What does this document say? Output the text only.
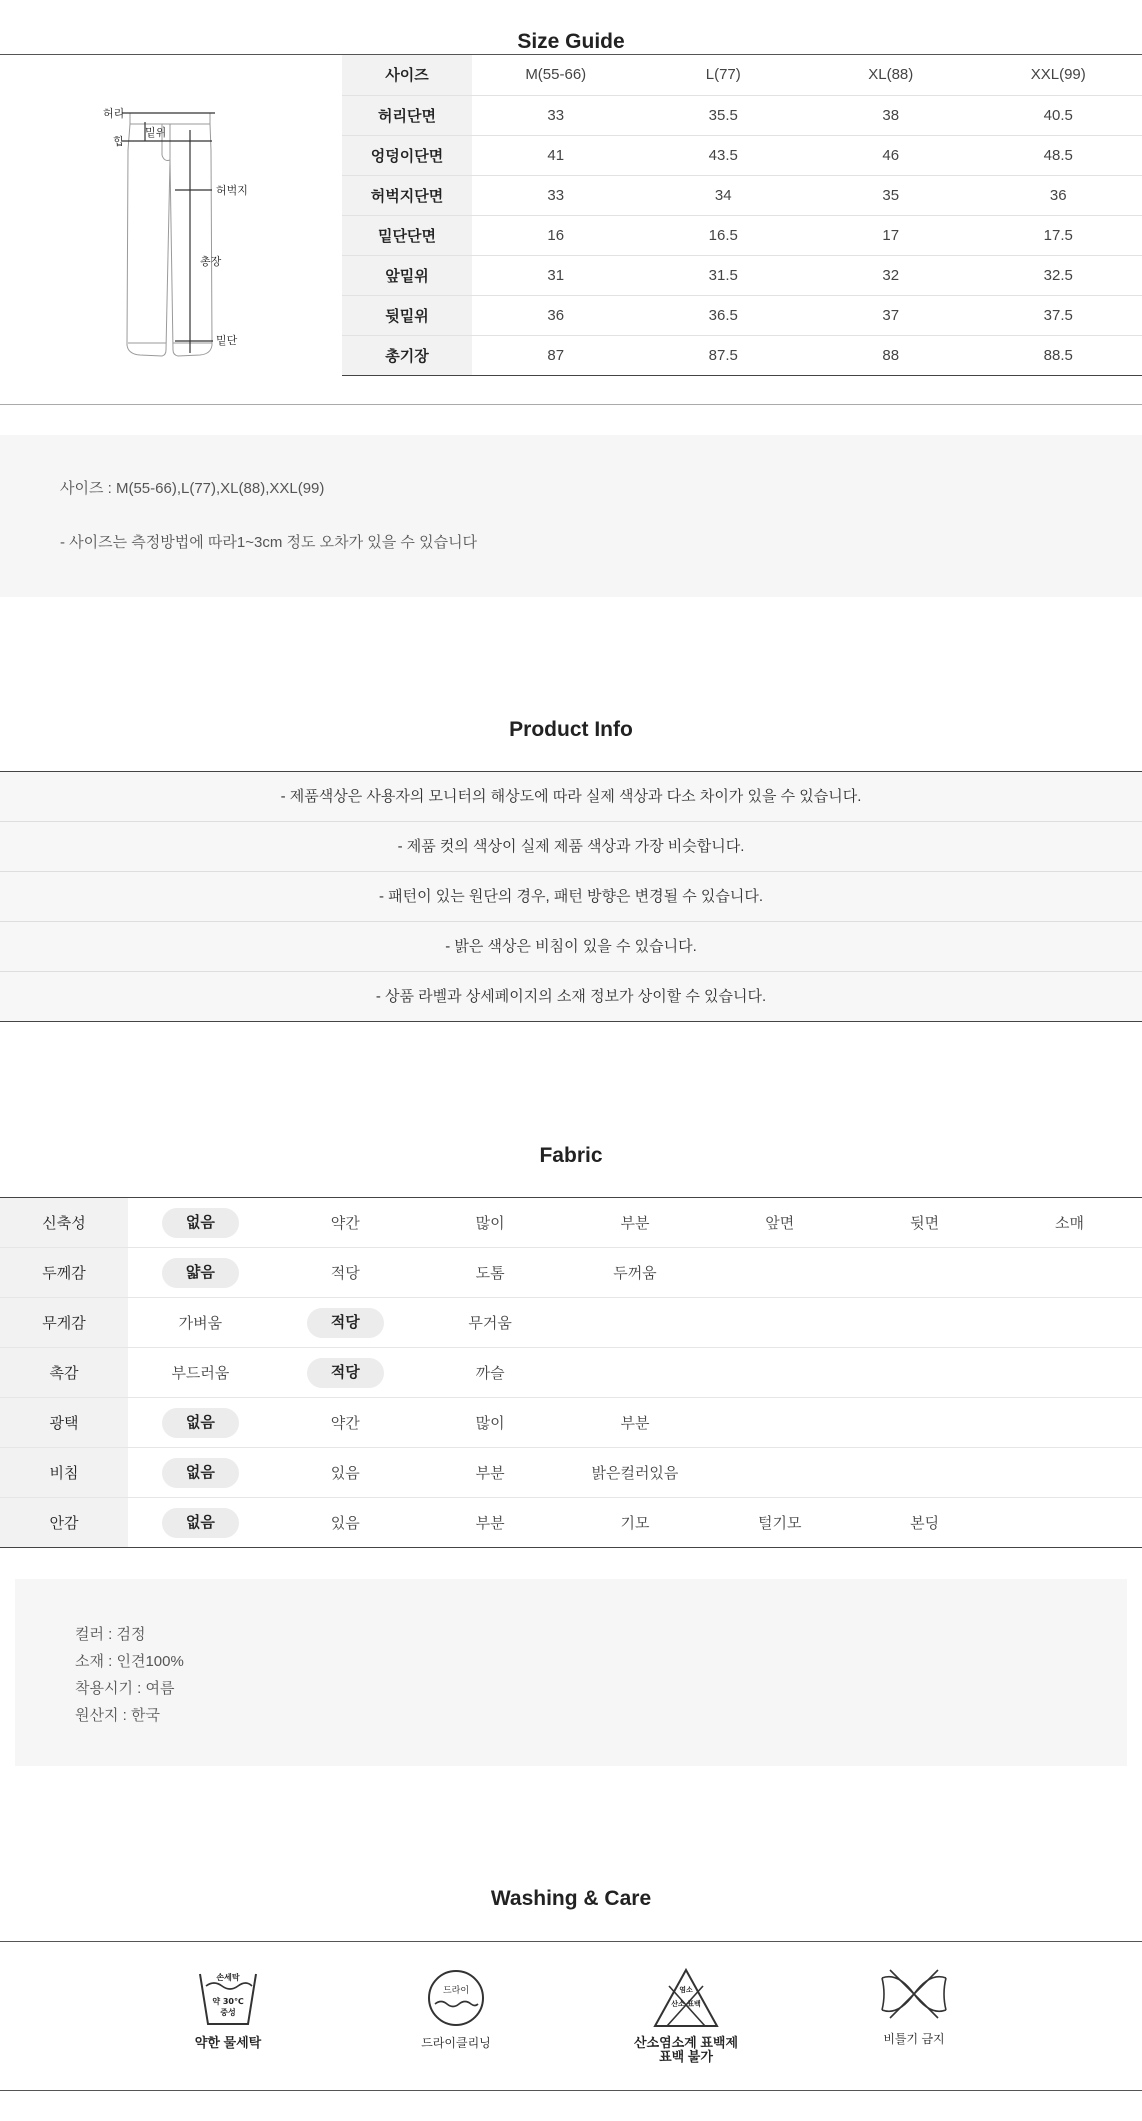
Size Guide
허리
힙
밑위
허벅지
총장
밑단
사이즈	M(55-66)	L(77)	XL(88)	XXL(99)
허리단면	33	35.5	38	40.5
엉덩이단면	41	43.5	46	48.5
허벅지단면	33	34	35	36
밑단단면	16	16.5	17	17.5
앞밑위	31	31.5	32	32.5
뒷밑위	36	36.5	37	37.5
총기장	87	87.5	88	88.5

사이즈 : M(55-66),L(77),XL(88),XXL(99)

- 사이즈는 측정방법에 따라1~3cm 정도 오차가 있을 수 있습니다

Product Info
- 제품색상은 사용자의 모니터의 해상도에 따라 실제 색상과 다소 차이가 있을 수 있습니다.
- 제품 컷의 색상이 실제 제품 색상과 가장 비슷합니다.
- 패턴이 있는 원단의 경우, 패턴 방향은 변경될 수 있습니다.
- 밝은 색상은 비침이 있을 수 있습니다.
- 상품 라벨과 상세페이지의 소재 정보가 상이할 수 있습니다.
Fabric
신축성	없음	약간	많이	부분	앞면	뒷면	소매
두께감	얇음	적당	도톰	두꺼움			
무게감	가벼움	적당	무거움				
촉감	부드러움	적당	까슬				
광택	없음	약간	많이	부분			
비침	없음	있음	부분	밝은컬러있음			
안감	없음	있음	부분	기모	털기모	본딩	

컬러 : 검정

소재 : 인견100%

착용시기 : 여름

원산지 : 한국

Washing & Care
손세탁
약 30℃
중성
약한 물세탁
드라이
드라이클리닝
염소
산소 표백
산소염소계 표백제
표백 불가
비틀기 금지
